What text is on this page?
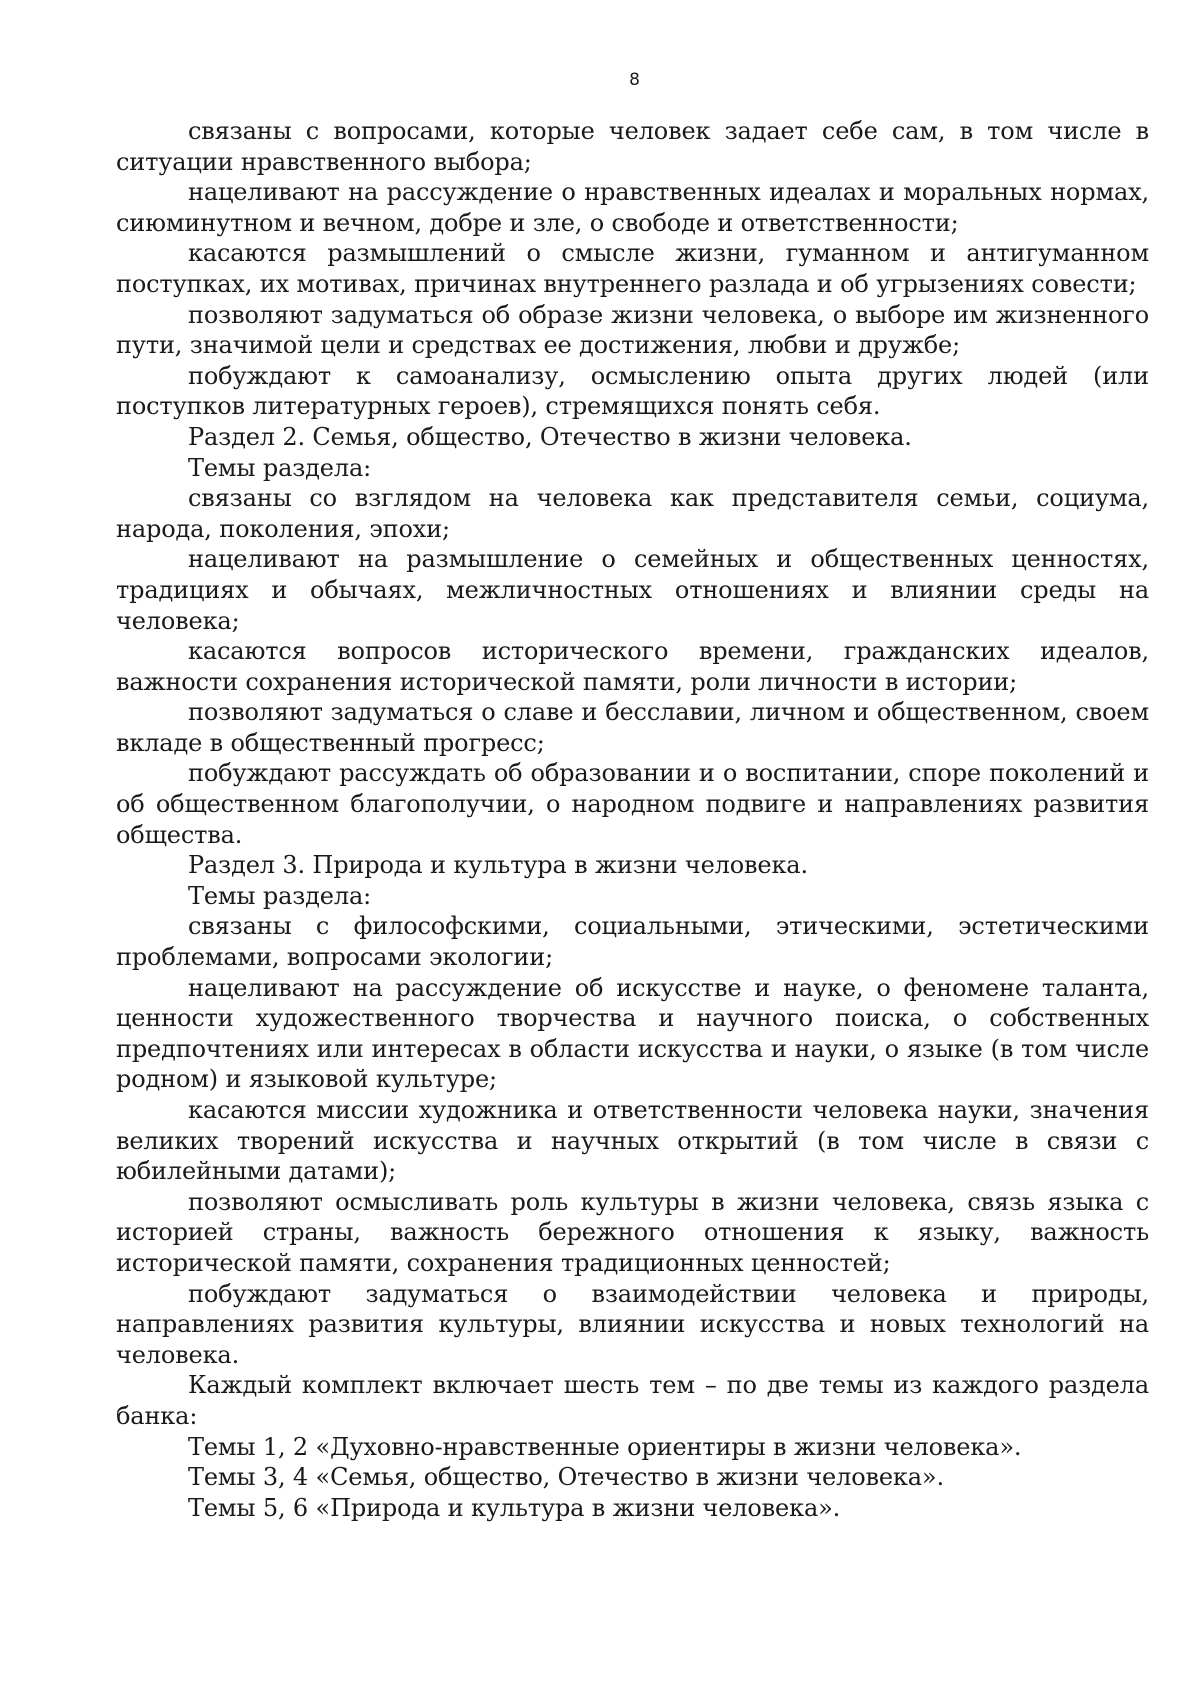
8

связаны с вопросами, которые человек задает себе сам, в том числе в ситуации нравственного выбора;

нацеливают на рассуждение о нравственных идеалах и моральных нормах, сиюминутном и вечном, добре и зле, о свободе и ответственности;

касаются размышлений о смысле жизни, гуманном и антигуманном поступках, их мотивах, причинах внутреннего разлада и об угрызениях совести;

позволяют задуматься об образе жизни человека, о выборе им жизненного пути, значимой цели и средствах ее достижения, любви и дружбе;

побуждают к самоанализу, осмыслению опыта других людей (или поступков литературных героев), стремящихся понять себя.

Раздел 2. Семья, общество, Отечество в жизни человека.

Темы раздела:

связаны со взглядом на человека как представителя семьи, социума, народа, поколения, эпохи;

нацеливают на размышление о семейных и общественных ценностях, традициях и обычаях, межличностных отношениях и влиянии среды на человека;

касаются вопросов исторического времени, гражданских идеалов, важности сохранения исторической памяти, роли личности в истории;

позволяют задуматься о славе и бесславии, личном и общественном, своем вкладе в общественный прогресс;

побуждают рассуждать об образовании и о воспитании, споре поколений и об общественном благополучии, о народном подвиге и направлениях развития общества.

Раздел 3. Природа и культура в жизни человека.

Темы раздела:

связаны с философскими, социальными, этическими, эстетическими проблемами, вопросами экологии;

нацеливают на рассуждение об искусстве и науке, о феномене таланта, ценности художественного творчества и научного поиска, о собственных предпочтениях или интересах в области искусства и науки, о языке (в том числе родном) и языковой культуре;

касаются миссии художника и ответственности человека науки, значения великих творений искусства и научных открытий (в том числе в связи с юбилейными датами);

позволяют осмысливать роль культуры в жизни человека, связь языка с историей страны, важность бережного отношения к языку, важность исторической памяти, сохранения традиционных ценностей;

побуждают задуматься о взаимодействии человека и природы, направлениях развития культуры, влиянии искусства и новых технологий на человека.

Каждый комплект включает шесть тем – по две темы из каждого раздела банка:

Темы 1, 2 «Духовно-нравственные ориентиры в жизни человека».

Темы 3, 4 «Семья, общество, Отечество в жизни человека».

Темы 5, 6 «Природа и культура в жизни человека».
